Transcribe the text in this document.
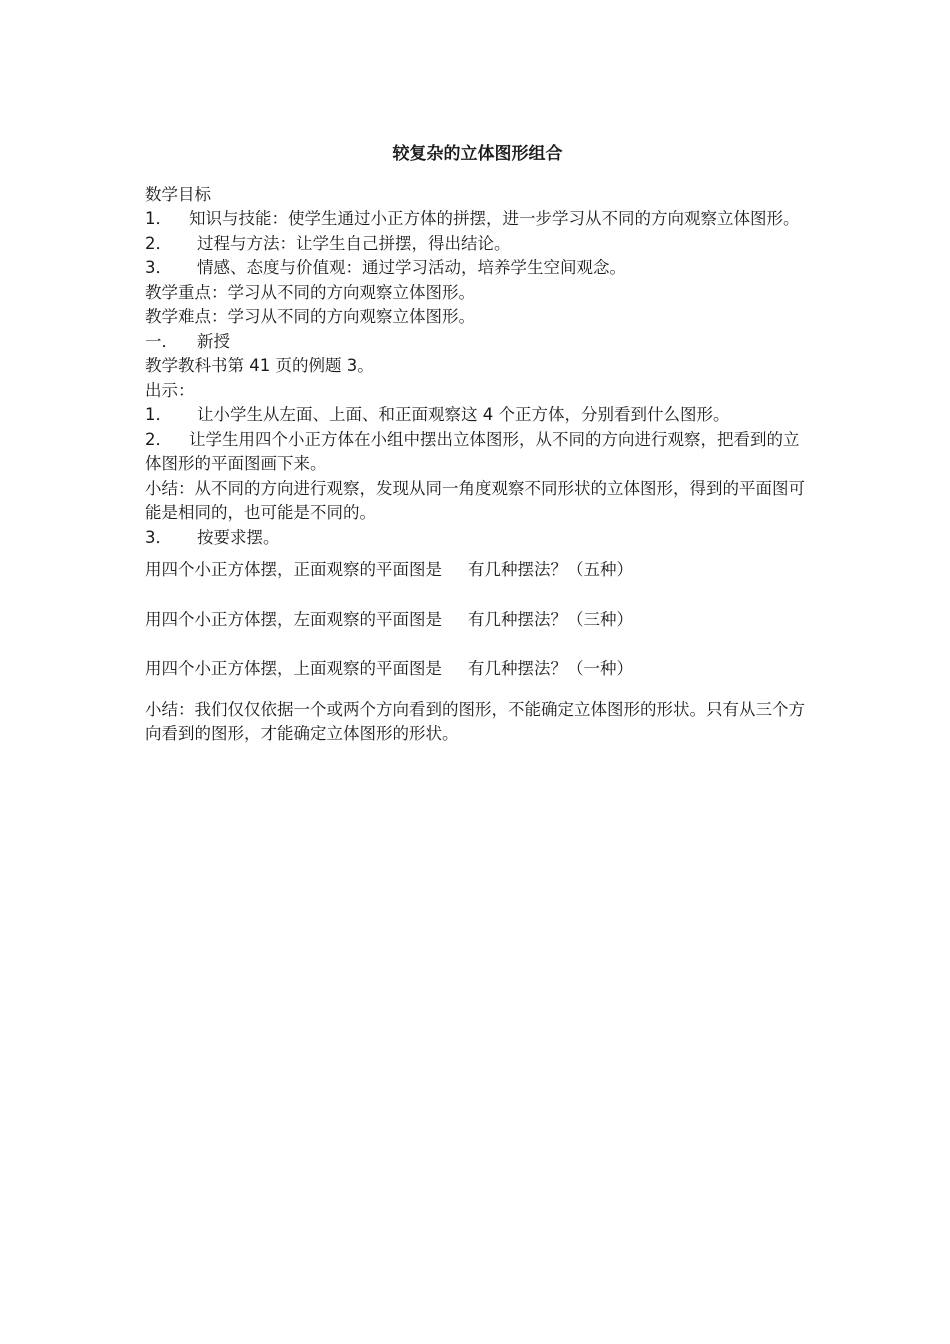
较复杂的立体图形组合
数学目标
1． 知识与技能：使学生通过小正方体的拼摆，进一步学习从不同的方向观察立体图形。
2． 过程与方法：让学生自己拼摆，得出结论。
3． 情感、态度与价值观：通过学习活动，培养学生空间观念。
教学重点：学习从不同的方向观察立体图形。
教学难点：学习从不同的方向观察立体图形。
一． 新授
教学教科书第 41 页的例题 3。
出示：
1． 让小学生从左面、上面、和正面观察这 4 个正方体，分别看到什么图形。
2． 让学生用四个小正方体在小组中摆出立体图形，从不同的方向进行观察，把看到的立体图形的平面图画下来。
小结：从不同的方向进行观察，发现从同一角度观察不同形状的立体图形，得到的平面图可能是相同的，也可能是不同的。
3． 按要求摆。
用四个小正方体摆，正面观察的平面图是 有几种摆法？（五种）
用四个小正方体摆，左面观察的平面图是 有几种摆法？（三种）
用四个小正方体摆，上面观察的平面图是 有几种摆法？（一种）
小结：我们仅仅依据一个或两个方向看到的图形，不能确定立体图形的形状。只有从三个方向看到的图形，才能确定立体图形的形状。
